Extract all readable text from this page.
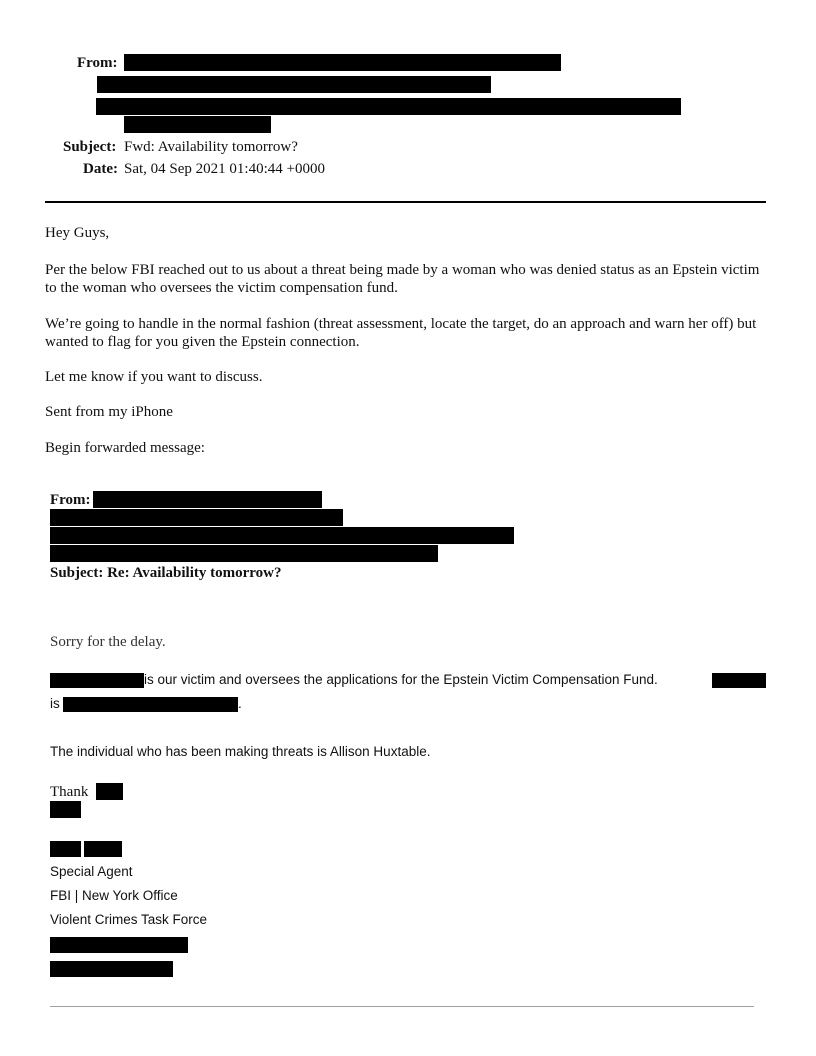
From:
Subject: Fwd: Availability tomorrow?
Date: Sat, 04 Sep 2021 01:40:44 +0000
Hey Guys,
Per the below FBI reached out to us about a threat being made by a woman who was denied status as an Epstein victim to the woman who oversees the victim compensation fund.
We’re going to handle in the normal fashion (threat assessment, locate the target, do an approach and warn her off) but wanted to flag for you given the Epstein connection.
Let me know if you want to discuss.
Sent from my iPhone
Begin forwarded message:
From:
Subject: Re: Availability tomorrow?
Sorry for the delay.
is our victim and oversees the applications for the Epstein Victim Compensation Fund.
is	.
The individual who has been making threats is Allison Huxtable.
Thank
Special Agent
FBI | New York Office
Violent Crimes Task Force
